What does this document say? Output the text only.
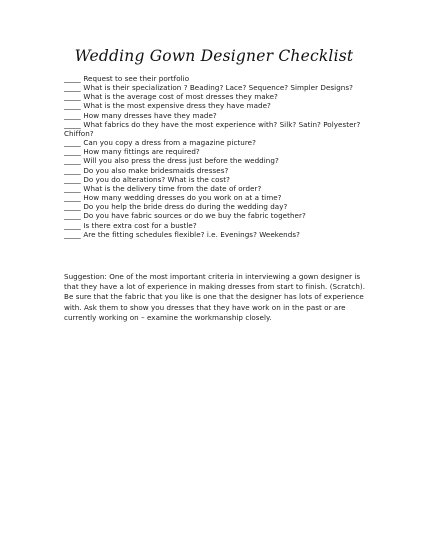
Wedding Gown Designer Checklist
_____ Request to see their portfolio
_____ What is their specialization ? Beading? Lace? Sequence? Simpler Designs?
_____ What is the average cost of most dresses they make?
_____ What is the most expensive dress they have made?
_____ How many dresses have they made?
_____ What fabrics do they have the most experience with? Silk? Satin? Polyester? Chiffon?
_____ Can you copy a dress from a magazine picture?
_____ How many fittings are required?
_____ Will you also press the dress just before the wedding?
_____ Do you also make bridesmaids dresses?
_____ Do you do alterations? What is the cost?
_____ What is the delivery time from the date of order?
_____ How many wedding dresses do you work on at a time?
_____ Do you help the bride dress do during the wedding day?
_____ Do you have fabric sources or do we buy the fabric together?
_____ Is there extra cost for a bustle?
_____ Are the fitting schedules flexible? i.e. Evenings? Weekends?
Suggestion: One of the most important criteria in interviewing a gown designer is that they have a lot of experience in making dresses from start to finish. (Scratch). Be sure that the fabric that you like is one that the designer has lots of experience with. Ask them to show you dresses that they have work on in the past or are currently working on – examine the workmanship closely.
